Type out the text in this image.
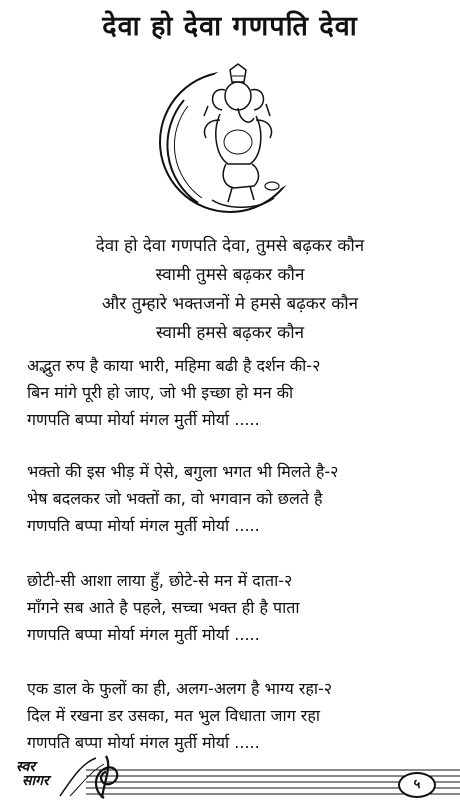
देवा हो देवा गणपति देवा
देवा हो देवा गणपति देवा, तुमसे बढ़कर कौन
स्वामी तुमसे बढ़कर कौन
और तुम्हारे भक्तजनों मे हमसे बढ़कर कौन
स्वामी हमसे बढ़कर कौन
अद्भुत रुप है काया भारी, महिमा बढी है दर्शन की-२
बिन मांगे पूरी हो जाए, जो भी इच्छा हो मन की
गणपति बप्पा मोर्या मंगल मुर्ती मोर्या .....
भक्तो की इस भीड़ में ऐसे, बगुला भगत भी मिलते है-२
भेष बदलकर जो भक्तों का, वो भगवान को छलते है
गणपति बप्पा मोर्या मंगल मुर्ती मोर्या .....
छोटी-सी आशा लाया हुँ, छोटे-से मन में दाता-२
माँगने सब आते है पहले, सच्चा भक्त ही है पाता
गणपति बप्पा मोर्या मंगल मुर्ती मोर्या .....
एक डाल के फुलों का ही, अलग-अलग है भाग्य रहा-२
दिल में रखना डर उसका, मत भुल विधाता जाग रहा
गणपति बप्पा मोर्या मंगल मुर्ती मोर्या .....
स्वर
सागर	५
